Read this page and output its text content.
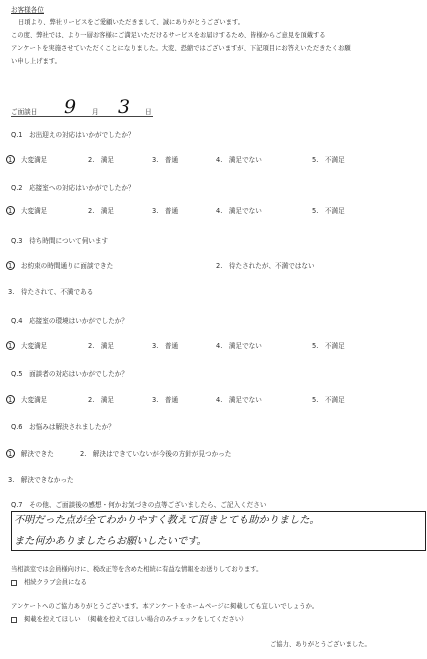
お客様各位
日頃より、弊社リービスをご愛顧いただきまして、誠にありがとうございます。
この度、弊社では、より一層お客様にご満足いただけるサービスをお届けするため、皆様からご意見を頂戴する
アンケートを実施させていただくことになりました。大変、恐縮ではございますが、下記項目にお答えいただきたくお願
い申し上げます。
ご面談日 9 月 3 日
Q.1　お出迎えの対応はいかがでしたか？
1.　大変満足	2.　満足	3.　普通	4.　満足でない	5.　不満足
Q.2　応接室への対応はいかがでしたか？
1.　大変満足	2.　満足	3.　普通	4.　満足でない	5.　不満足
Q.3　待ち時間について伺います
1.　お約束の時間通りに面談できた	2.　待たされたが、不満ではない
3.　待たされて、不満である
Q.4　応接室の環境はいかがでしたか？
1.　大変満足	2.　満足	3.　普通	4.　満足でない	5.　不満足
Q.5　面談者の対応はいかがでしたか？
1.　大変満足	2.　満足	3.　普通	4.　満足でない	5.　不満足
Q.6　お悩みは解決されましたか？
1.　解決できた	2.　解決はできていないが今後の方針が見つかった
3.　解決できなかった
Q.7　その他、ご面談後の感想・何かお気づきの点等ございましたら、ご記入ください
不明だった点が全てわかりやすく教えて頂きとても助かりました。
また何かありましたらお願いしたいです。
当相談室では会員様向けに、税改正等を含めた相続に有益な情報をお送りしております。
相続クラブ会員になる
アンケートへのご協力ありがとうございます。本アンケートをホームページに掲載しても宜しいでしょうか。
掲載を控えてほしい　（掲載を控えてほしい場合のみチェックをしてください）
ご協力、ありがとうございました。
